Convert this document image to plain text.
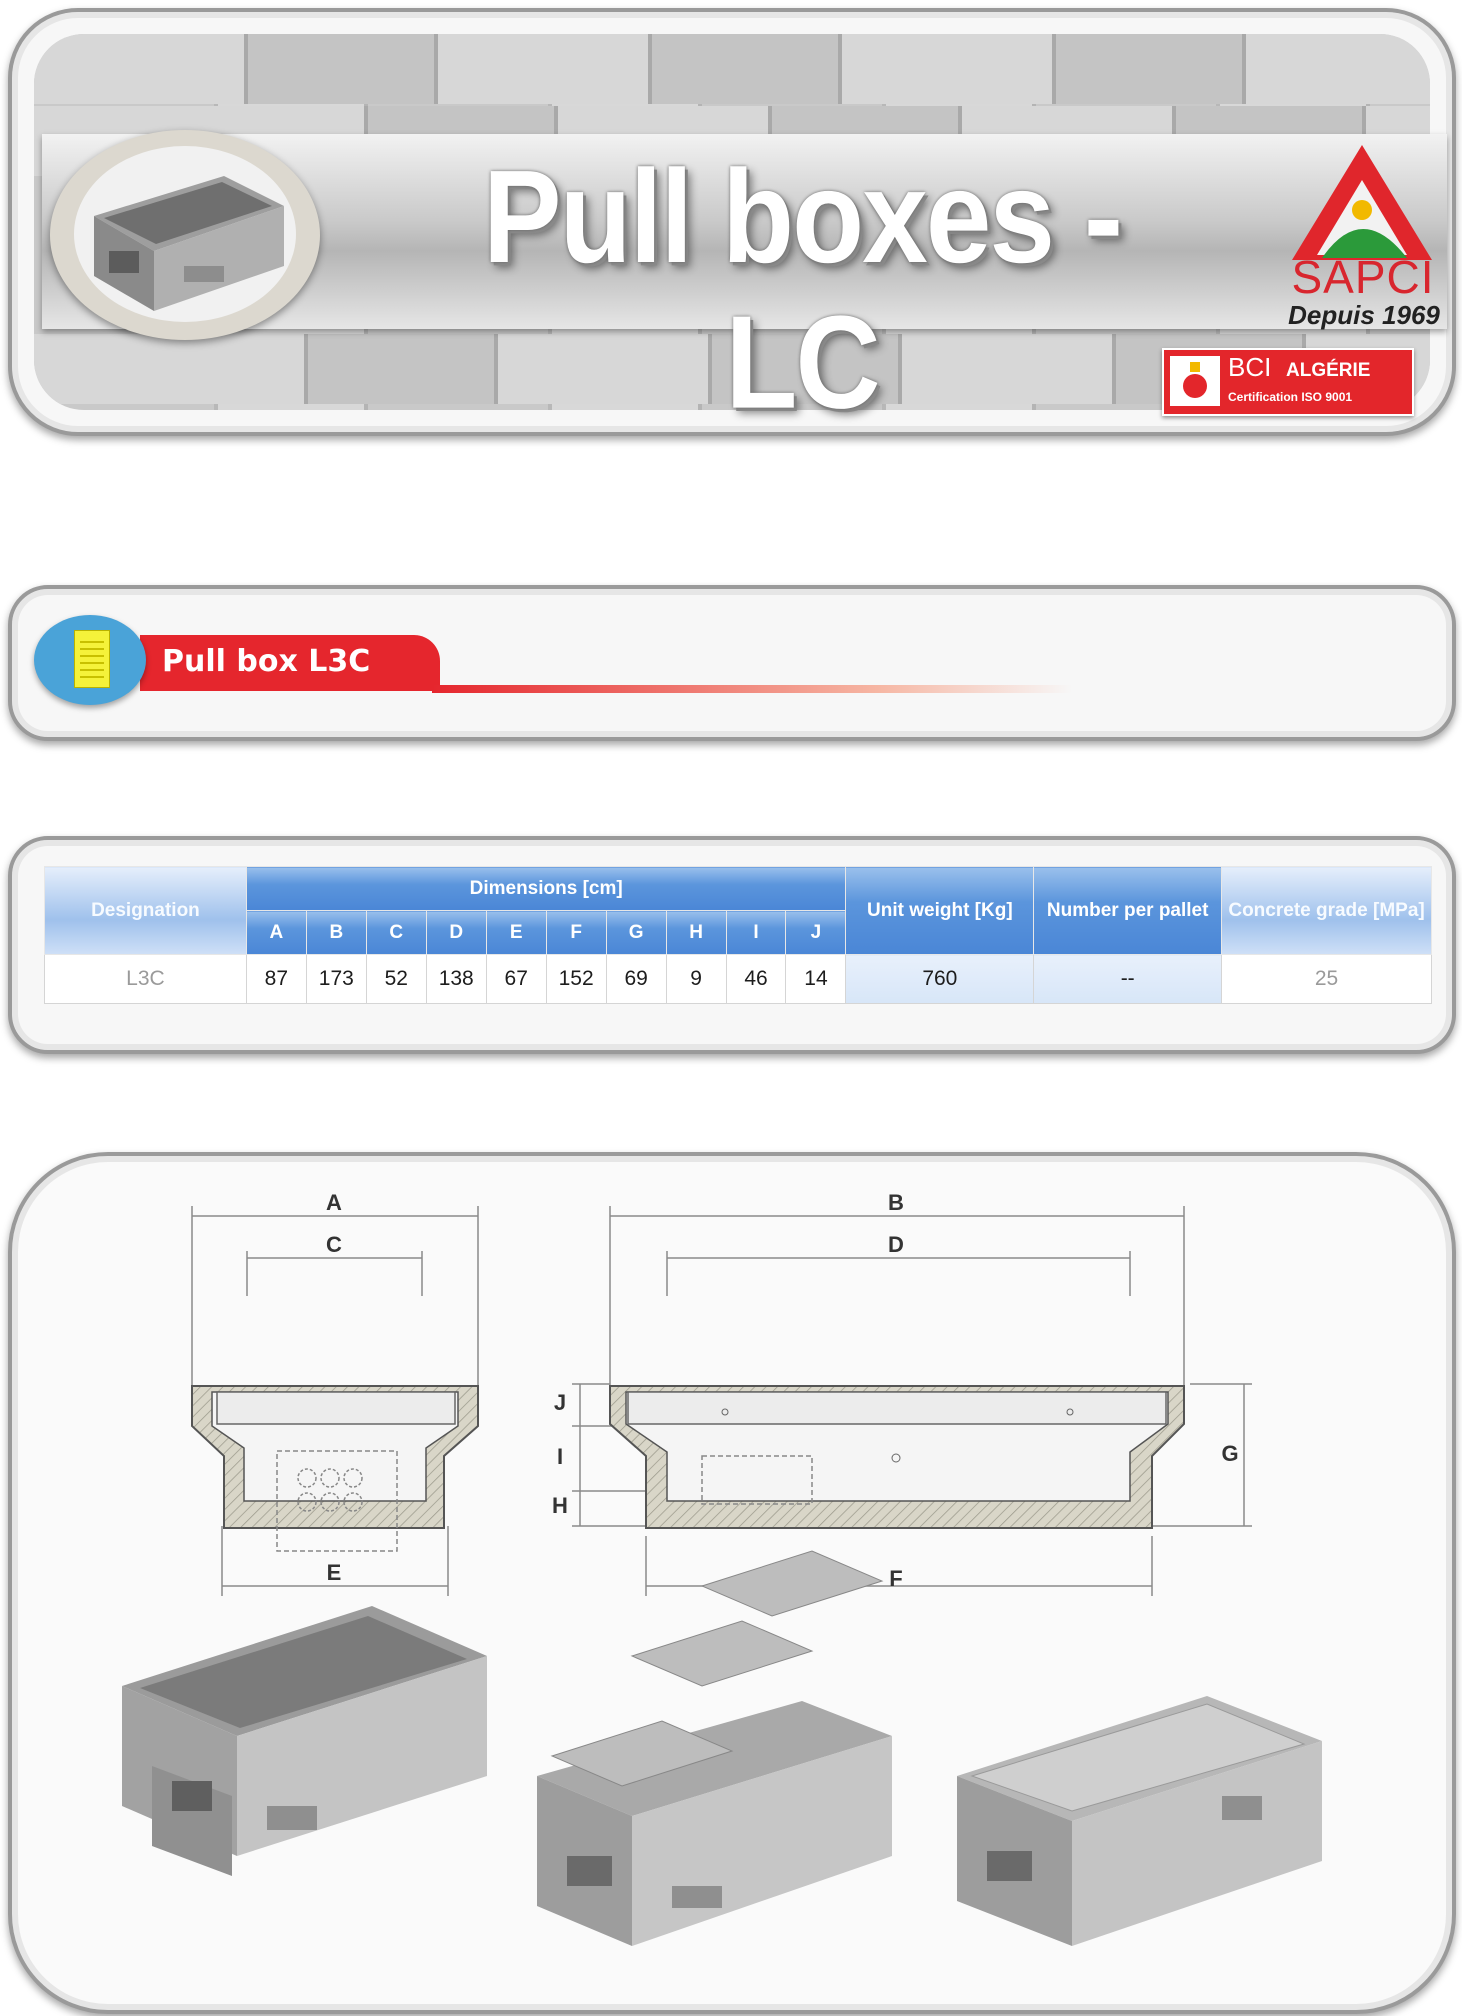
Pull boxes -LC
SAPCI
Depuis 1969
BCI ALGÉRIE
Certification ISO 9001
Pull box L3C
Designation	Dimensions [cm]										Unit weight [Kg]	Number per pallet	Concrete grade [MPa]
	A	B	C	D	E	F	G	H	I	J			
L3C	87	173	52	138	67	152	69	9	46	14	760	--	25
A
C
E
B
D
F
G
H
I
J
